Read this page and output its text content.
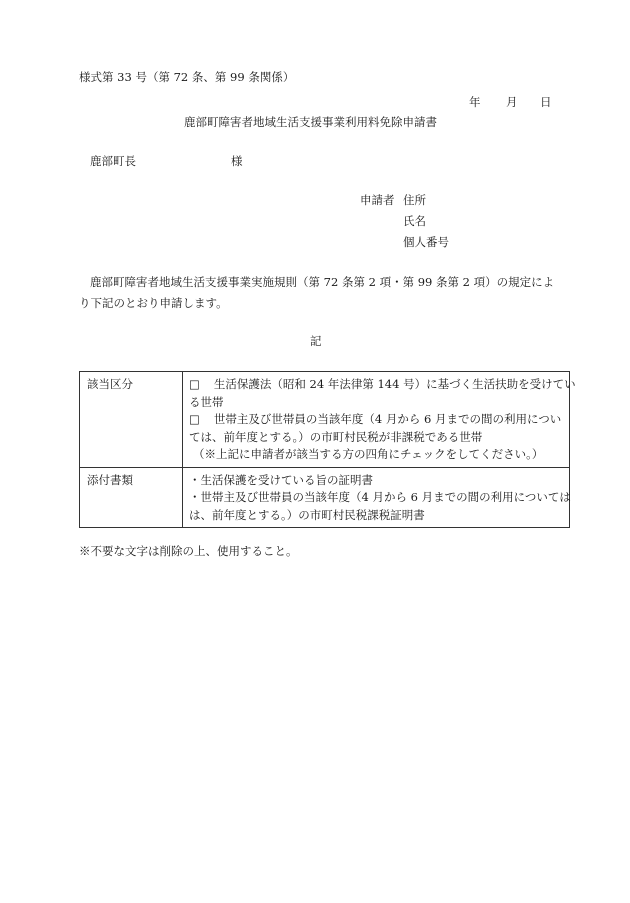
様式第 33 号（第 72 条、第 99 条関係）
年 月 日
鹿部町障害者地域生活支援事業利用料免除申請書
鹿部町長	様
申請者 住所
氏名
個人番号
鹿部町障害者地域生活支援事業実施規則（第 72 条第 2 項・第 99 条第 2 項）の規定によ
り下記のとおり申請します。
記
該当区分	□ 生活保護法（昭和 24 年法律第 144 号）に基づく生活扶助を受けてい
る世帯
□ 世帯主及び世帯員の当該年度（4 月から 6 月までの間の利用につい
ては、前年度とする。）の市町村民税が非課税である世帯
（※上記に申請者が該当する方の四角にチェックをしてください。）

添付書類	・生活保護を受けている旨の証明書
・世帯主及び世帯員の当該年度（4 月から 6 月までの間の利用については
は、前年度とする。）の市町村民税課税証明書
※不要な文字は削除の上、使用すること。
